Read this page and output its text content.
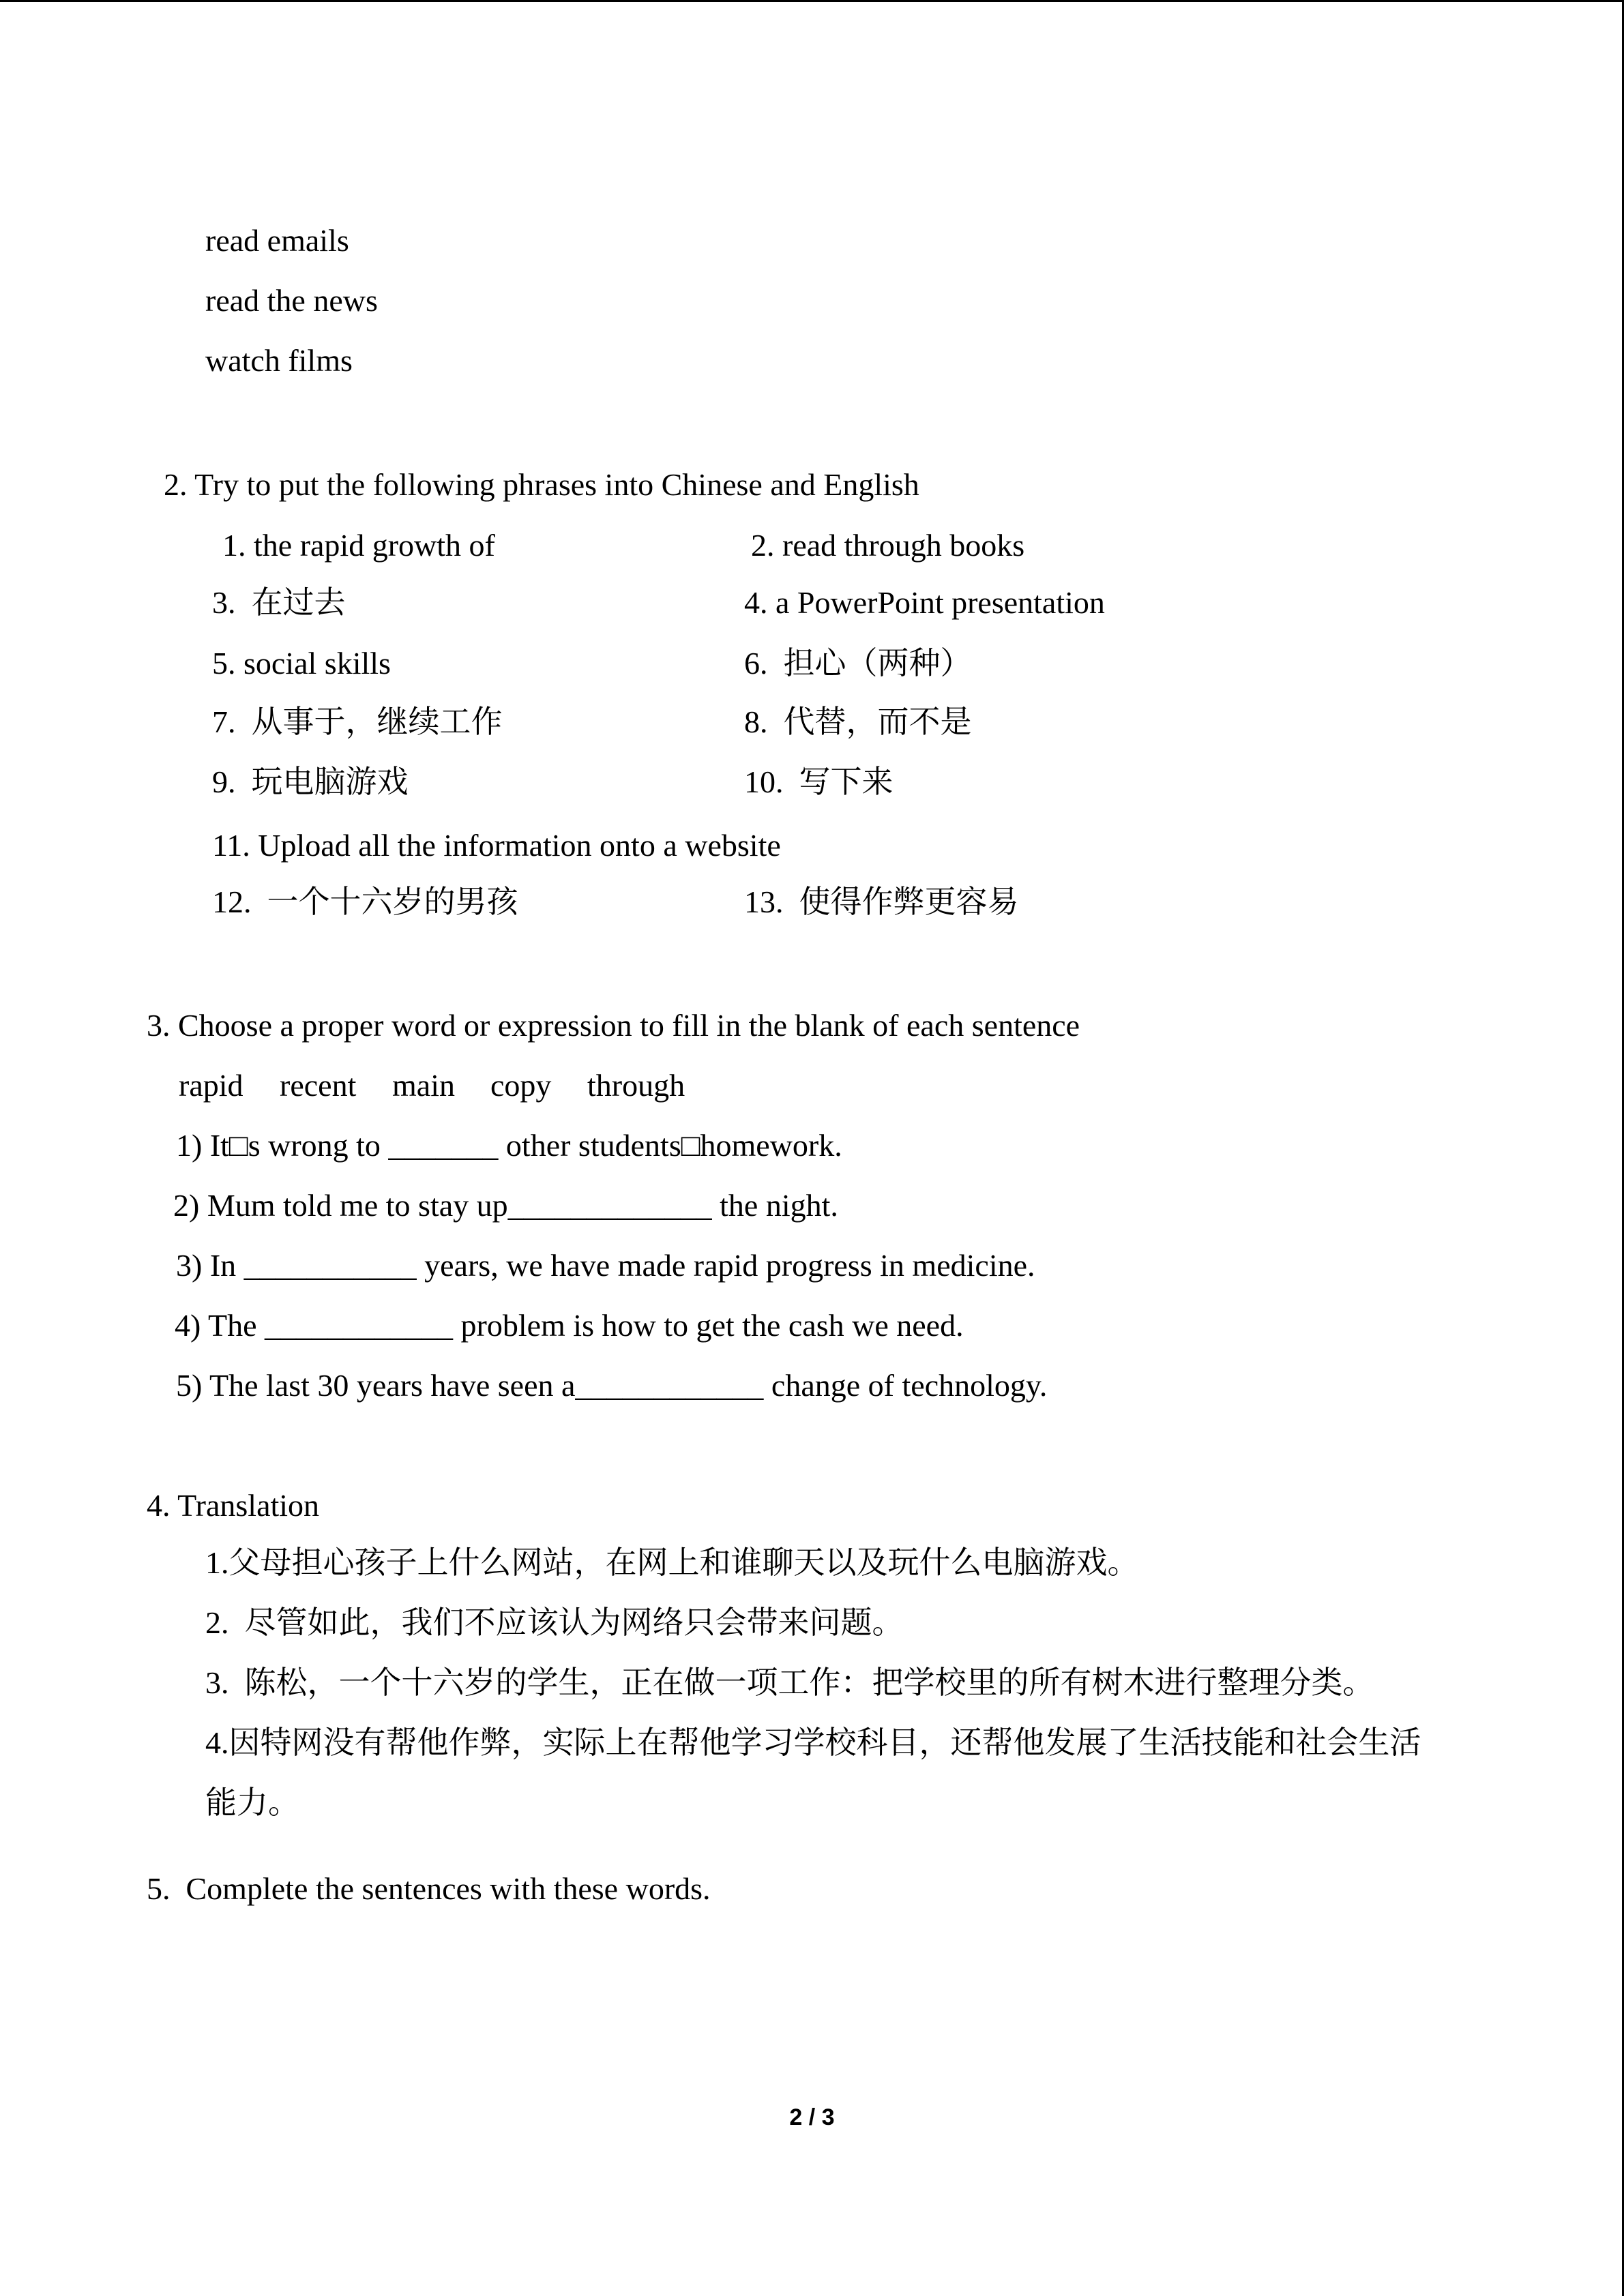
read emails
read the news
watch films
2. Try to put the following phrases into Chinese and English
1. the rapid growth of	2. read through books
3.  在过去	4. a PowerPoint presentation
5. social skills	6.  担心（两种）
7.  从事于，继续工作	8.  代替，而不是
9.  玩电脑游戏	10.  写下来
11. Upload all the information onto a website
12.  一个十六岁的男孩	13.  使得作弊更容易
3. Choose a proper word or expression to fill in the blank of each sentence
rapid recent main copy through
1) It□s wrong to _______ other students□homework.
2) Mum told me to stay up_____________ the night.
3) In ___________ years, we have made rapid progress in medicine.
4) The ____________ problem is how to get the cash we need.
5) The last 30 years have seen a____________ change of technology.
4. Translation
1.父母担心孩子上什么网站，在网上和谁聊天以及玩什么电脑游戏。
2.  尽管如此，我们不应该认为网络只会带来问题。
3.  陈松，一个十六岁的学生，正在做一项工作：把学校里的所有树木进行整理分类。
4.因特网没有帮他作弊，实际上在帮他学习学校科目，还帮他发展了生活技能和社会生活能力。
5.  Complete the sentences with these words.
2 / 3
